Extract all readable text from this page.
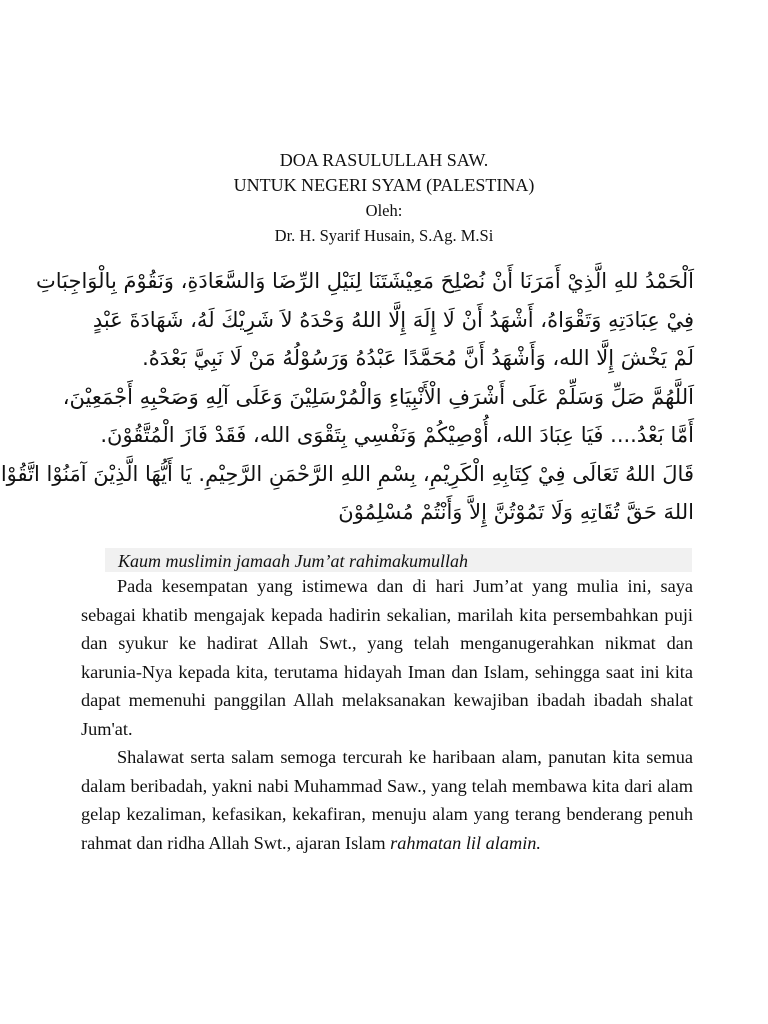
DOA RASULULLAH SAW.
UNTUK NEGERI SYAM (PALESTINA)
Oleh:
Dr. H. Syarif Husain, S.Ag. M.Si
اَلْحَمْدُ للهِ الَّذِيْ أَمَرَنَا أَنْ نُصْلِحَ مَعِيْشَتَنَا لِنَيْلِ الرِّضَا وَالسَّعَادَةِ، وَنَقُوْمَ بِالْوَاجِبَاتِ
فِيْ عِبَادَتِهِ وَتَقْوَاهُ، أَشْهَدُ أَنْ لَا إِلَهَ إِلَّا اللهُ وَحْدَهُ لاَ شَرِيْكَ لَهُ، شَهَادَةَ عَبْدٍ
لَمْ يَخْشَ إِلَّا الله، وَأَشْهَدُ أَنَّ مُحَمَّدًا عَبْدُهُ وَرَسُوْلُهُ مَنْ لَا نَبِيَّ بَعْدَهُ.
اَللَّهُمَّ صَلِّ وَسَلِّمْ عَلَى أَشْرَفِ الْأَنْبِيَاءِ وَالْمُرْسَلِيْنَ وَعَلَى آلِهِ وَصَحْبِهِ أَجْمَعِيْنَ،
أَمَّا بَعْدُ.... فَيَا عِبَادَ الله، أُوْصِيْكُمْ وَنَفْسِي بِتَقْوَى الله، فَقَدْ فَازَ الْمُتَّقُوْنَ.
قَالَ اللهُ تَعَالَى فِيْ كِتَابِهِ الْكَرِيْمِ، بِسْمِ اللهِ الرَّحْمَنِ الرَّحِيْمِ. يَا أَيُّهَا الَّذِيْنَ آمَنُوْا اتَّقُوْا
اللهَ حَقَّ تُقَاتِهِ وَلَا تَمُوْتُنَّ إِلاَّ وَأَنْتُمْ مُسْلِمُوْنَ
Kaum muslimin jamaah Jum’at rahimakumullah

Pada kesempatan yang istimewa dan di hari Jum’at yang mulia ini, saya sebagai khatib mengajak kepada hadirin sekalian, marilah kita persembahkan puji dan syukur ke hadirat Allah Swt., yang telah menganugerahkan nikmat dan karunia-Nya kepada kita, terutama hidayah Iman dan Islam, sehingga saat ini kita dapat memenuhi panggilan Allah melaksanakan kewajiban ibadah ibadah shalat Jum'at.

Shalawat serta salam semoga tercurah ke haribaan alam, panutan kita semua dalam beribadah, yakni nabi Muhammad Saw., yang telah membawa kita dari alam gelap kezaliman, kefasikan, kekafiran, menuju alam yang terang benderang penuh rahmat dan ridha Allah Swt., ajaran Islam rahmatan lil alamin.
